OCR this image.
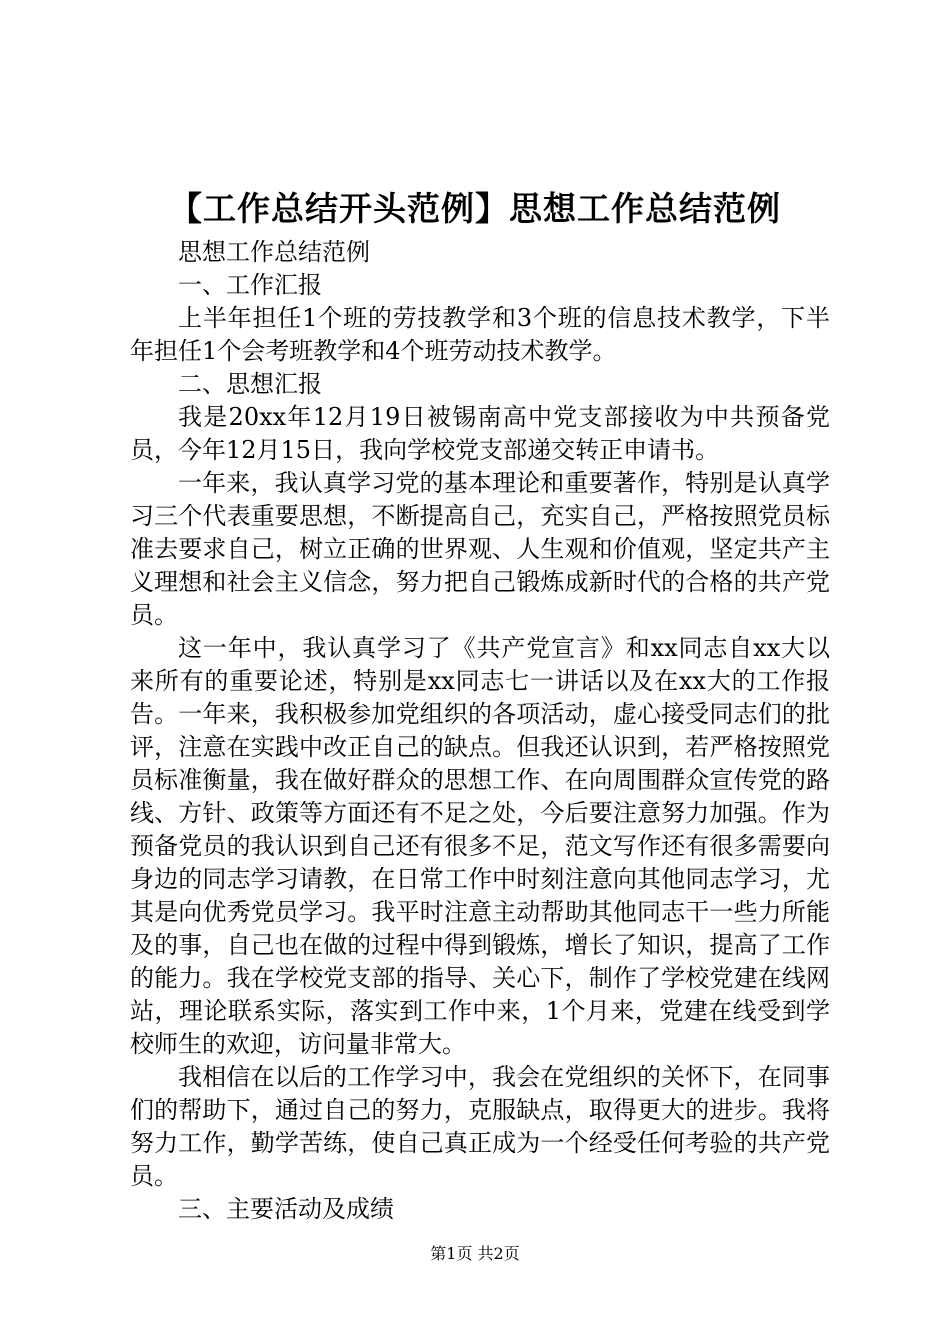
【工作总结开头范例】思想工作总结范例

思想工作总结范例

一、工作汇报

上半年担任1个班的劳技教学和3个班的信息技术教学，下半年担任1个会考班教学和4个班劳动技术教学。

二、思想汇报

我是20xx年12月19日被锡南高中党支部接收为中共预备党员，今年12月15日，我向学校党支部递交转正申请书。

一年来，我认真学习党的基本理论和重要著作，特别是认真学习三个代表重要思想，不断提高自己，充实自己，严格按照党员标准去要求自己，树立正确的世界观、人生观和价值观，坚定共产主义理想和社会主义信念，努力把自己锻炼成新时代的合格的共产党员。

这一年中，我认真学习了《共产党宣言》和xx同志自xx大以来所有的重要论述，特别是xx同志七一讲话以及在xx大的工作报告。一年来，我积极参加党组织的各项活动，虚心接受同志们的批评，注意在实践中改正自己的缺点。但我还认识到，若严格按照党员标准衡量，我在做好群众的思想工作、在向周围群众宣传党的路线、方针、政策等方面还有不足之处，今后要注意努力加强。作为预备党员的我认识到自己还有很多不足，范文写作还有很多需要向身边的同志学习请教，在日常工作中时刻注意向其他同志学习，尤其是向优秀党员学习。我平时注意主动帮助其他同志干一些力所能及的事，自己也在做的过程中得到锻炼，增长了知识，提高了工作的能力。我在学校党支部的指导、关心下，制作了学校党建在线网站，理论联系实际，落实到工作中来，1个月来，党建在线受到学校师生的欢迎，访问量非常大。

我相信在以后的工作学习中，我会在党组织的关怀下，在同事们的帮助下，通过自己的努力，克服缺点，取得更大的进步。我将努力工作，勤学苦练，使自己真正成为一个经受任何考验的共产党员。

三、主要活动及成绩

第1页 共2页
